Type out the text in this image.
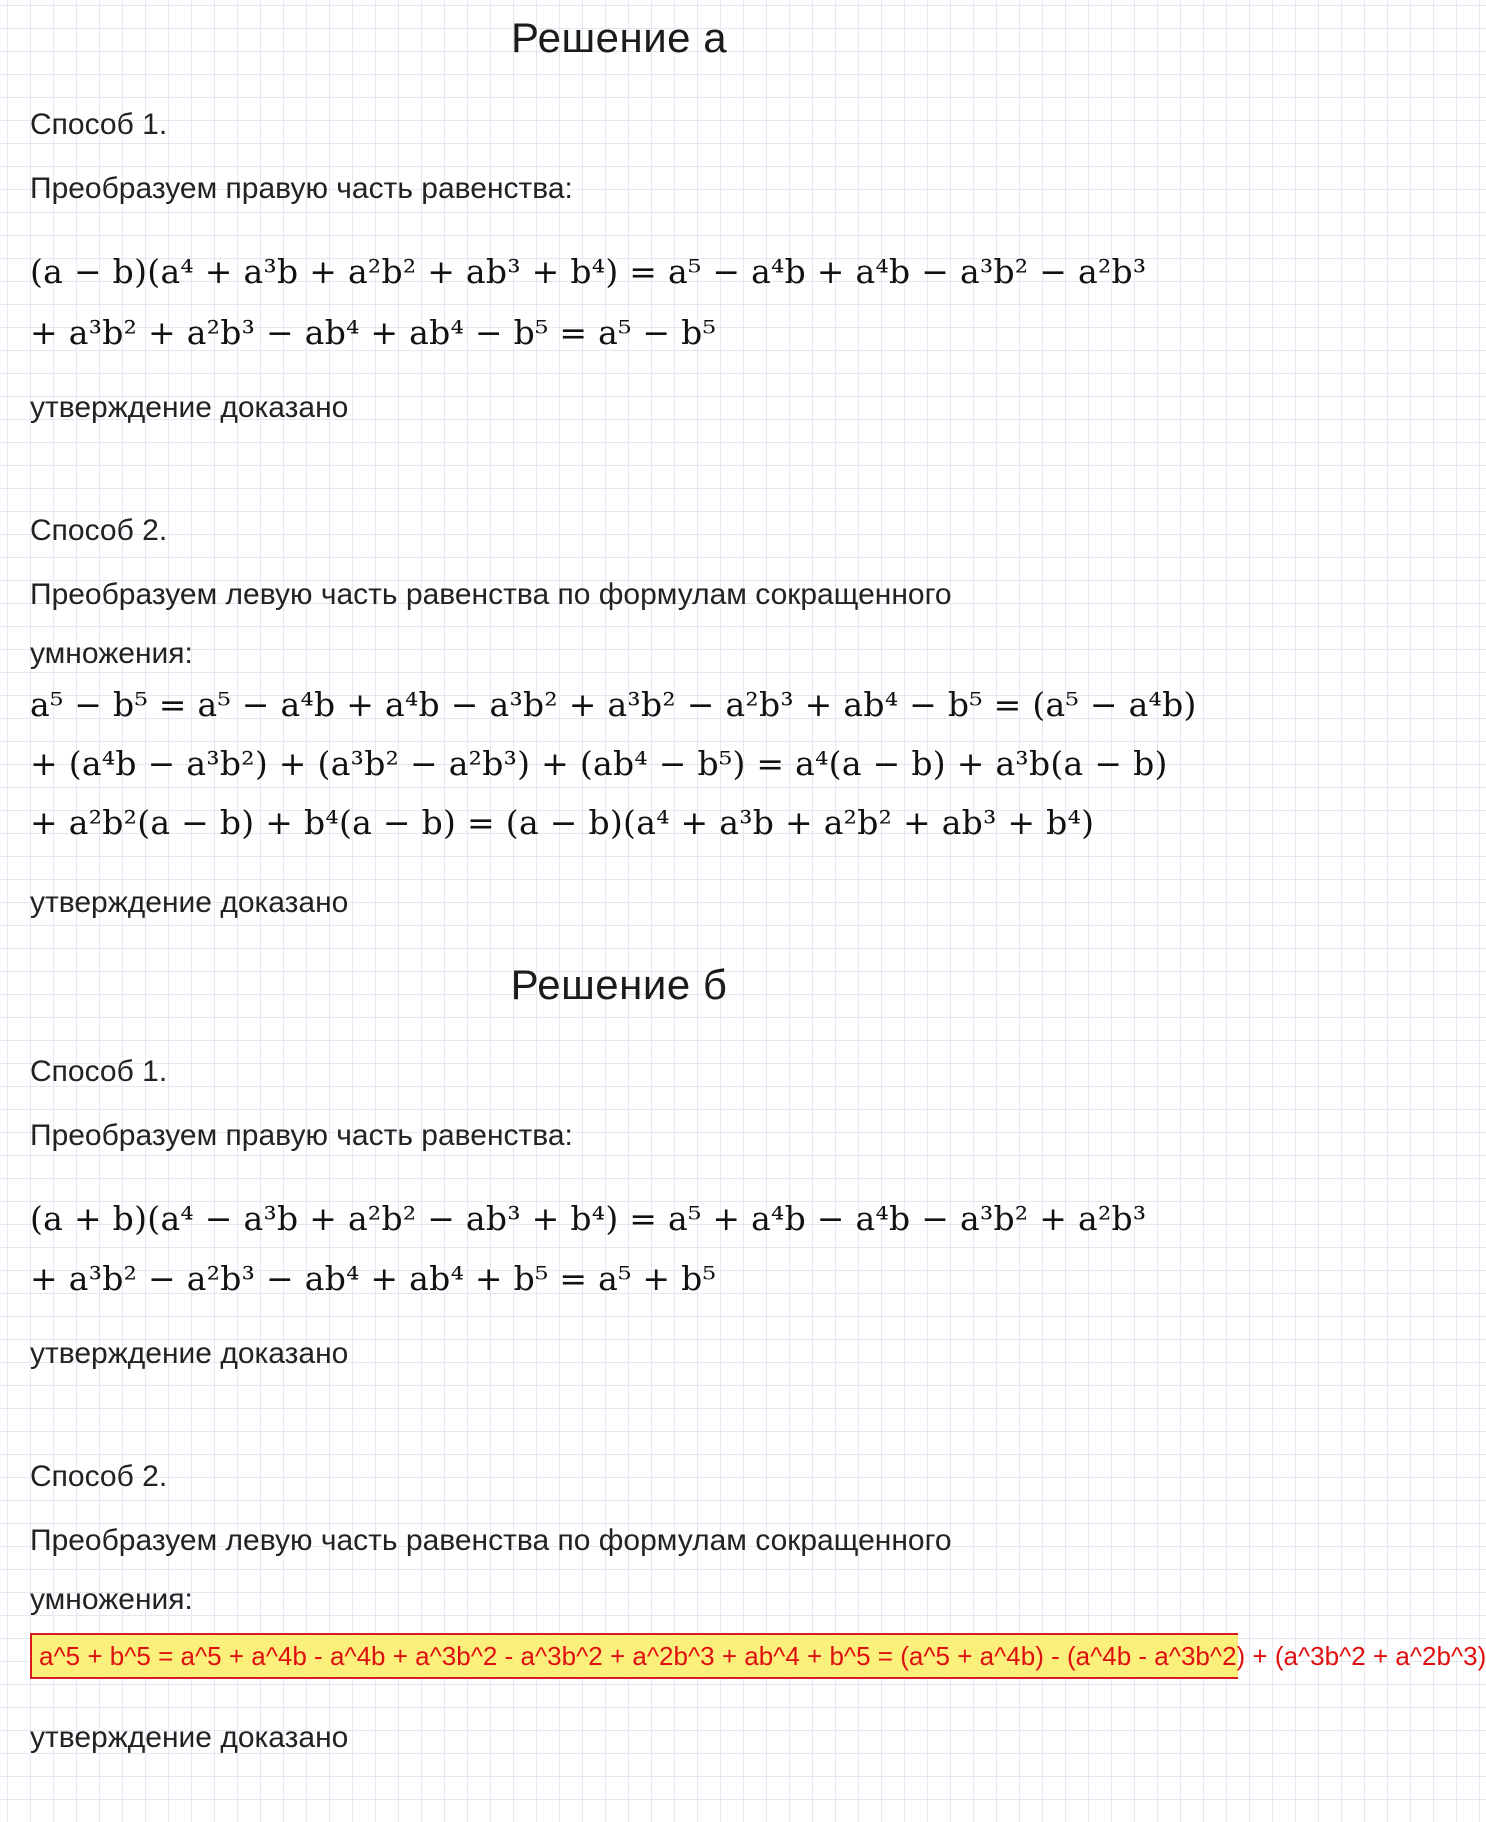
Решение а
Способ 1.
Преобразуем правую часть равенства:
(a − b)(a⁴ + a³b + a²b² + ab³ + b⁴) = a⁵ − a⁴b + a⁴b − a³b² − a²b³
+ a³b² + a²b³ − ab⁴ + ab⁴ − b⁵ = a⁵ − b⁵
утверждение доказано
Способ 2.
Преобразуем левую часть равенства по формулам сокращенного
умножения:
a⁵ − b⁵ = a⁵ − a⁴b + a⁴b − a³b² + a³b² − a²b³ + ab⁴ − b⁵ = (a⁵ − a⁴b)
+ (a⁴b − a³b²) + (a³b² − a²b³) + (ab⁴ − b⁵) = a⁴(a − b) + a³b(a − b)
+ a²b²(a − b) + b⁴(a − b) = (a − b)(a⁴ + a³b + a²b² + ab³ + b⁴)
утверждение доказано
Решение б
Способ 1.
Преобразуем правую часть равенства:
(a + b)(a⁴ − a³b + a²b² − ab³ + b⁴) = a⁵ + a⁴b − a⁴b − a³b² + a²b³
+ a³b² − a²b³ − ab⁴ + ab⁴ + b⁵ = a⁵ + b⁵
утверждение доказано
Способ 2.
Преобразуем левую часть равенства по формулам сокращенного
умножения:
a^5 + b^5 = a^5 + a^4b - a^4b + a^3b^2 - a^3b^2 + a^2b^3 + ab^4 + b^5 = (a^5 + a^4b) - (a^4b - a^3b^2) + (a^3b^2 + a^2b^3)
утверждение доказано
